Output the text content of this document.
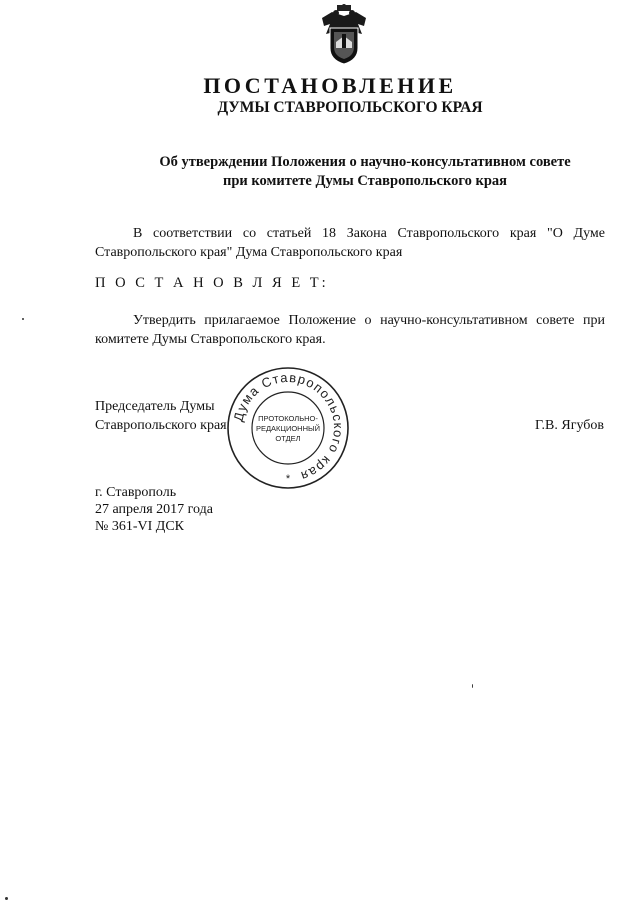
ПОСТАНОВЛЕНИЕ
ДУМЫ СТАВРОПОЛЬСКОГО КРАЯ
Об утверждении Положения о научно-консультативном совете
при комитете Думы Ставропольского края
В соответствии со статьей 18 Закона Ставропольского края "О Думе Ставропольского края" Дума Ставропольского края
П О С Т А Н О В Л Я Е Т:
Утвердить прилагаемое Положение о научно-консультативном совете при комитете Думы Ставропольского края.
Председатель Думы
Ставропольского края	Г.В. Ягубов
Дума Ставропольского края
ПРОТОКОЛЬНО-
РЕДАКЦИОННЫЙ
ОТДЕЛ
*
г. Ставрополь
27 апреля 2017 года
№ 361-VI ДСК
